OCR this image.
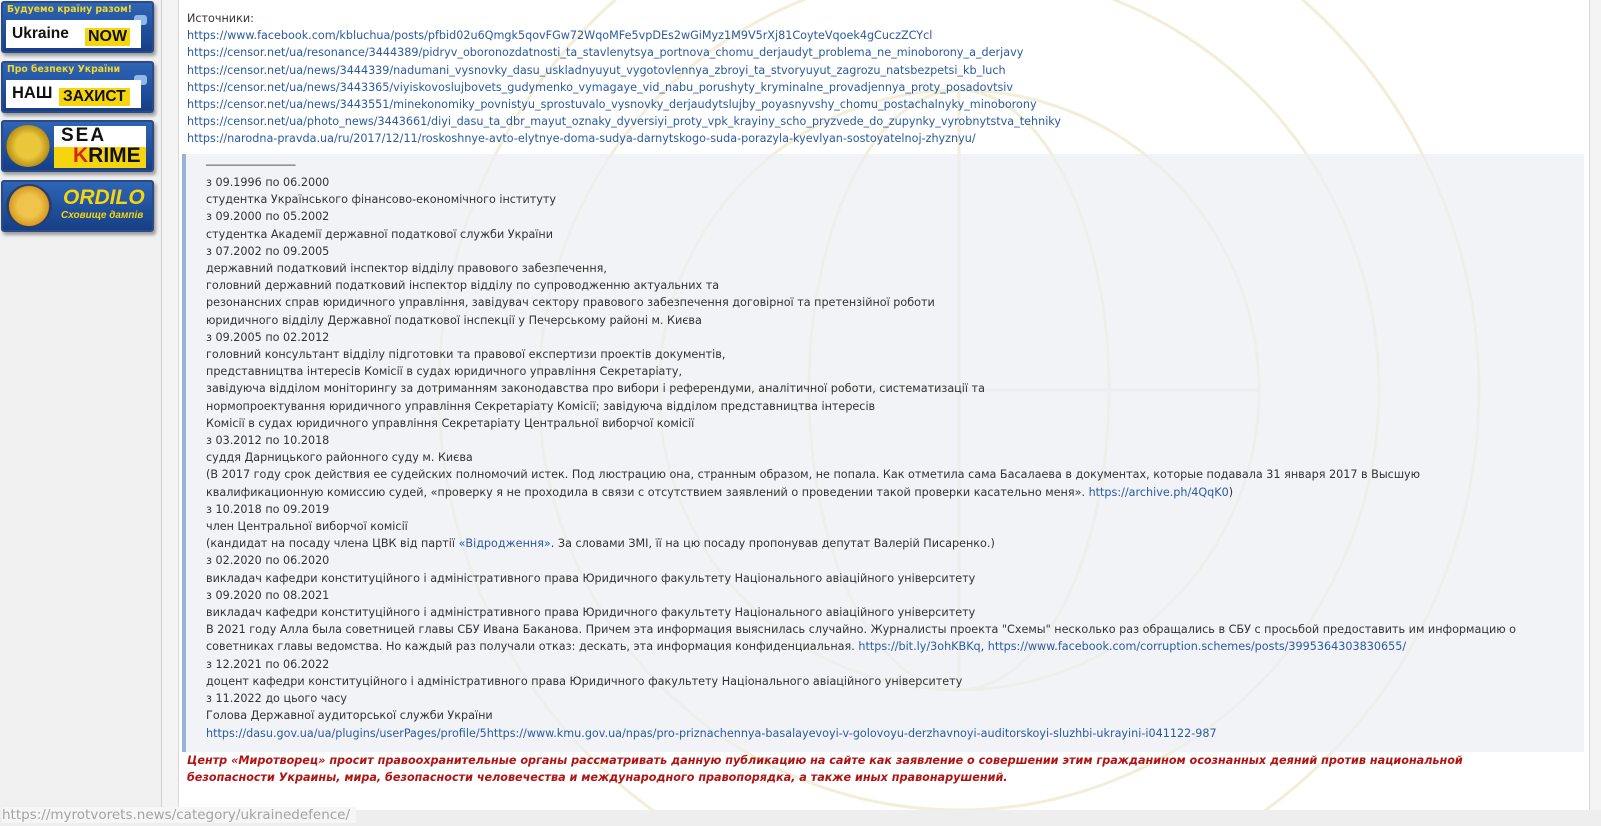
Будуемо країну разом!
Ukraine NOW
Про безпеку України
НАШ ЗАХИСТ
SEA
KRIME
ORDILO
Сховище дампів
Источники:
https://www.facebook.com/kbluchua/posts/pfbid02u6Qmgk5qovFGw72WqoMFe5vpDEs2wGiMyz1M9V5rXj81CoyteVqoek4gCuczZCYcl
https://censor.net/ua/resonance/3444389/pidryv_oboronozdatnosti_ta_stavlenytsya_portnova_chomu_derjaudyt_problema_ne_minoborony_a_derjavy
https://censor.net/ua/news/3444339/nadumani_vysnovky_dasu_uskladnyuyut_vygotovlennya_zbroyi_ta_stvoryuyut_zagrozu_natsbezpetsi_kb_luch
https://censor.net/ua/news/3443365/viyiskovoslujbovets_gudymenko_vymagaye_vid_nabu_porushyty_kryminalne_provadjennya_proty_posadovtsiv
https://censor.net/ua/news/3443551/minekonomiky_povnistyu_sprostuvalo_vysnovky_derjaudytslujby_poyasnyvshy_chomu_postachalnyky_minoborony
https://censor.net/ua/photo_news/3443661/diyi_dasu_ta_dbr_mayut_oznaky_dyversiyi_proty_vpk_krayiny_scho_pryzvede_do_zupynky_vyrobnytstva_tehniky
https://narodna-pravda.ua/ru/2017/12/11/roskoshnye-avto-elytnye-doma-sudya-darnytskogo-suda-porazyla-kyevlyan-sostoyatelnoj-zhyznyu/
________________
з 09.1996 по 06.2000
студентка Українського фінансово-економічного інституту
з 09.2000 по 05.2002
студентка Академії державної податкової служби України
з 07.2002 по 09.2005
державний податковий інспектор відділу правового забезпечення,
головний державний податковий інспектор відділу по супроводженню актуальних та
резонансних справ юридичного управління, завідувач сектору правового забезпечення договірної та претензійної роботи
юридичного відділу Державної податкової інспекції у Печерському районі м. Києва
з 09.2005 по 02.2012
головний консультант відділу підготовки та правової експертизи проектів документів,
представництва інтересів Комісії в судах юридичного управління Секретаріату,
завідуюча відділом моніторингу за дотриманням законодавства про вибори і референдуми, аналітичної роботи, систематизації та
нормопроектування юридичного управління Секретаріату Комісії; завідуюча відділом представництва інтересів
Комісії в судах юридичного управління Секретаріату Центральної виборчої комісії
з 03.2012 по 10.2018
суддя Дарницького районного суду м. Києва
(В 2017 году срок действия ее судейских полномочий истек. Под люстрацию она, странным образом, не попала. Как отметила сама Басалаева в документах, которые подавала 31 января 2017 в Высшую квалификационную комиссию судей, «проверку я не проходила в связи с отсутствием заявлений о проведении такой проверки касательно меня». https://archive.ph/4QqK0)
з 10.2018 по 09.2019
член Центральної виборчої комісії
(кандидат на посаду члена ЦВК від партії «Відродження». За словами ЗМІ, її на цю посаду пропонував депутат Валерій Писаренко.)
з 02.2020 по 06.2020
викладач кафедри конституційного і адміністративного права Юридичного факультету Національного авіаційного університету
з 09.2020 по 08.2021
викладач кафедри конституційного і адміністративного права Юридичного факультету Національного авіаційного університету
В 2021 году Алла была советницей главы СБУ Ивана Баканова. Причем эта информация выяснилась случайно. Журналисты проекта "Схемы" несколько раз обращались в СБУ с просьбой предоставить им информацию о советниках главы ведомства. Но каждый раз получали отказ: дескать, эта информация конфиденциальная. https://bit.ly/3ohKBKq, https://www.facebook.com/corruption.schemes/posts/3995364303830655/
з 12.2021 по 06.2022
доцент кафедри конституційного і адміністративного права Юридичного факультету Національного авіаційного університету
з 11.2022 до цього часу
Голова Державної аудиторської служби України
https://dasu.gov.ua/ua/plugins/userPages/profile/5https://www.kmu.gov.ua/npas/pro-priznachennya-basalayevoyi-v-golovoyu-derzhavnoyi-auditorskoyi-sluzhbi-ukrayini-i041122-987
Центр «Миротворец» просит правоохранительные органы рассматривать данную публикацию на сайте как заявление о совершении этим гражданином осознанных деяний против национальной безопасности Украины, мира, безопасности человечества и международного правопорядка, а также иных правонарушений.
https://myrotvorets.news/category/ukrainedefence/
